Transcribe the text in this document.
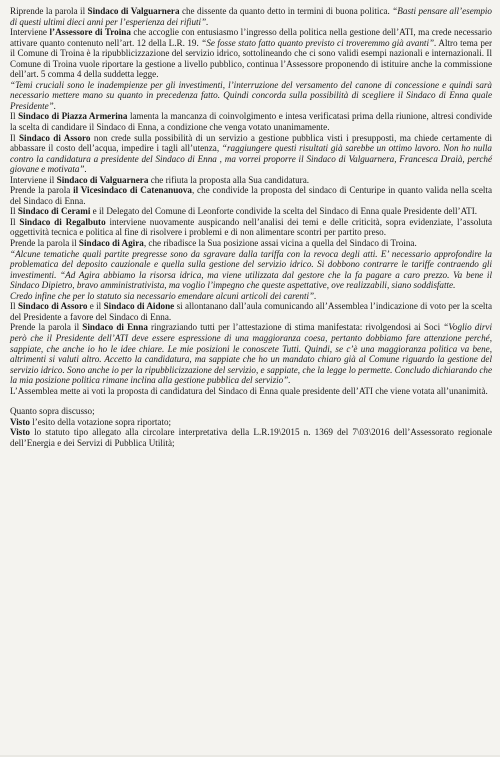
Riprende la parola il Sindaco di Valguarnera che dissente da quanto detto in termini di buona politica. “Basti pensare all’esempio di questi ultimi dieci anni per l’esperienza dei rifiuti”.

Interviene l’Assessore di Troina che accoglie con entusiasmo l’ingresso della politica nella gestione dell’ATI, ma crede necessario attivare quanto contenuto nell’art. 12 della L.R. 19. “Se fosse stato fatto quanto previsto ci troveremmo già avanti”. Altro tema per il Comune di Troina è la ripubblicizzazione del servizio idrico, sottolineando che ci sono validi esempi nazionali e internazionali. Il Comune di Troina vuole riportare la gestione a livello pubblico, continua l’Assessore proponendo di istituire anche la commissione dell’art. 5 comma 4 della suddetta legge.

“Temi cruciali sono le inadempienze per gli investimenti, l’interruzione del versamento del canone di concessione e quindi sarà necessario mettere mano su quanto in precedenza fatto. Quindi concorda sulla possibilità di scegliere il Sindaco di Enna quale Presidente”.

Il Sindaco di Piazza Armerina lamenta la mancanza di coinvolgimento e intesa verificatasi prima della riunione, altresi condivide la scelta di candidare il Sindaco di Enna, a condizione che venga votato unanimamente.

Il Sindaco di Assoro non crede sulla possibilità di un servizio a gestione pubblica visti i presupposti, ma chiede certamente di abbassare il costo dell’acqua, impedire i tagli all’utenza, “raggiungere questi risultati già sarebbe un ottimo lavoro. Non ho nulla contro la candidatura a presidente del Sindaco di Enna , ma vorrei proporre il Sindaco di Valguarnera, Francesca Draià, perché giovane e motivata”.

Interviene il Sindaco di Valguarnera che rifiuta la proposta alla Sua candidatura.

Prende la parola il Vicesindaco di Catenanuova, che condivide la proposta del sindaco di Centuripe in quanto valida nella scelta del Sindaco di Enna.

Il Sindaco di Cerami e il Delegato del Comune di Leonforte condivide la scelta del Sindaco di Enna quale Presidente dell’ATI.

Il Sindaco di Regalbuto interviene nuovamente auspicando nell’analisi dei temi e delle criticità, sopra evidenziate, l’assoluta oggettività tecnica e politica al fine di risolvere i problemi e di non alimentare scontri per partito preso.

Prende la parola il Sindaco di Agira, che ribadisce la Sua posizione assai vicina a quella del Sindaco di Troina.

“Alcune tematiche quali partite pregresse sono da sgravare dalla tariffa con la revoca degli atti. E’ necessario approfondire la problematica del deposito cauzionale e quella sulla gestione del servizio idrico. Si dobbono contrarre le tariffe contraendo gli investimenti. “Ad Agira abbiamo la risorsa idrica, ma viene utilizzata dal gestore che la fa pagare a caro prezzo. Va bene il Sindaco Dipietro, bravo amministrativista, ma voglio l’impegno che queste aspettative, ove realizzabili, siano soddisfatte.

Credo infine che per lo statuto sia necessario emendare alcuni articoli dei carenti”.

Il Sindaco di Assoro e il Sindaco di Aidone si allontanano dall’aula comunicando all’Assemblea l’indicazione di voto per la scelta del Presidente a favore del Sindaco di Enna.

Prende la parola il Sindaco di Enna ringraziando tutti per l’attestazione di stima manifestata: rivolgendosi ai Soci “Voglio dirvi però che il Presidente dell’ATI deve essere espressione di una maggioranza coesa, pertanto dobbiamo fare attenzione perché, sappiate, che anche io ho le idee chiare. Le mie posizioni le conoscete Tutti. Quindi, se c’è una maggioranza politica va bene, altrimenti si valuti altro. Accetto la candidatura, ma sappiate che ho un mandato chiaro già al Comune riguardo la gestione del servizio idrico. Sono anche io per la ripubblicizzazione del servizio, e sappiate, che la legge lo permette. Concludo dichiarando che la mia posizione politica rimane inclina alla gestione pubblica del servizio”.

L’Assemblea mette ai voti la proposta di candidatura del Sindaco di Enna quale presidente dell’ATI che viene votata all’unanimità.

Quanto sopra discusso;

Visto l’esito della votazione sopra riportato;

Visto lo statuto tipo allegato alla circolare interpretativa della L.R.19\2015 n. 1369 del 7\03\2016 dell’Assessorato regionale dell’Energia e dei Servizi di Pubblica Utilità;
